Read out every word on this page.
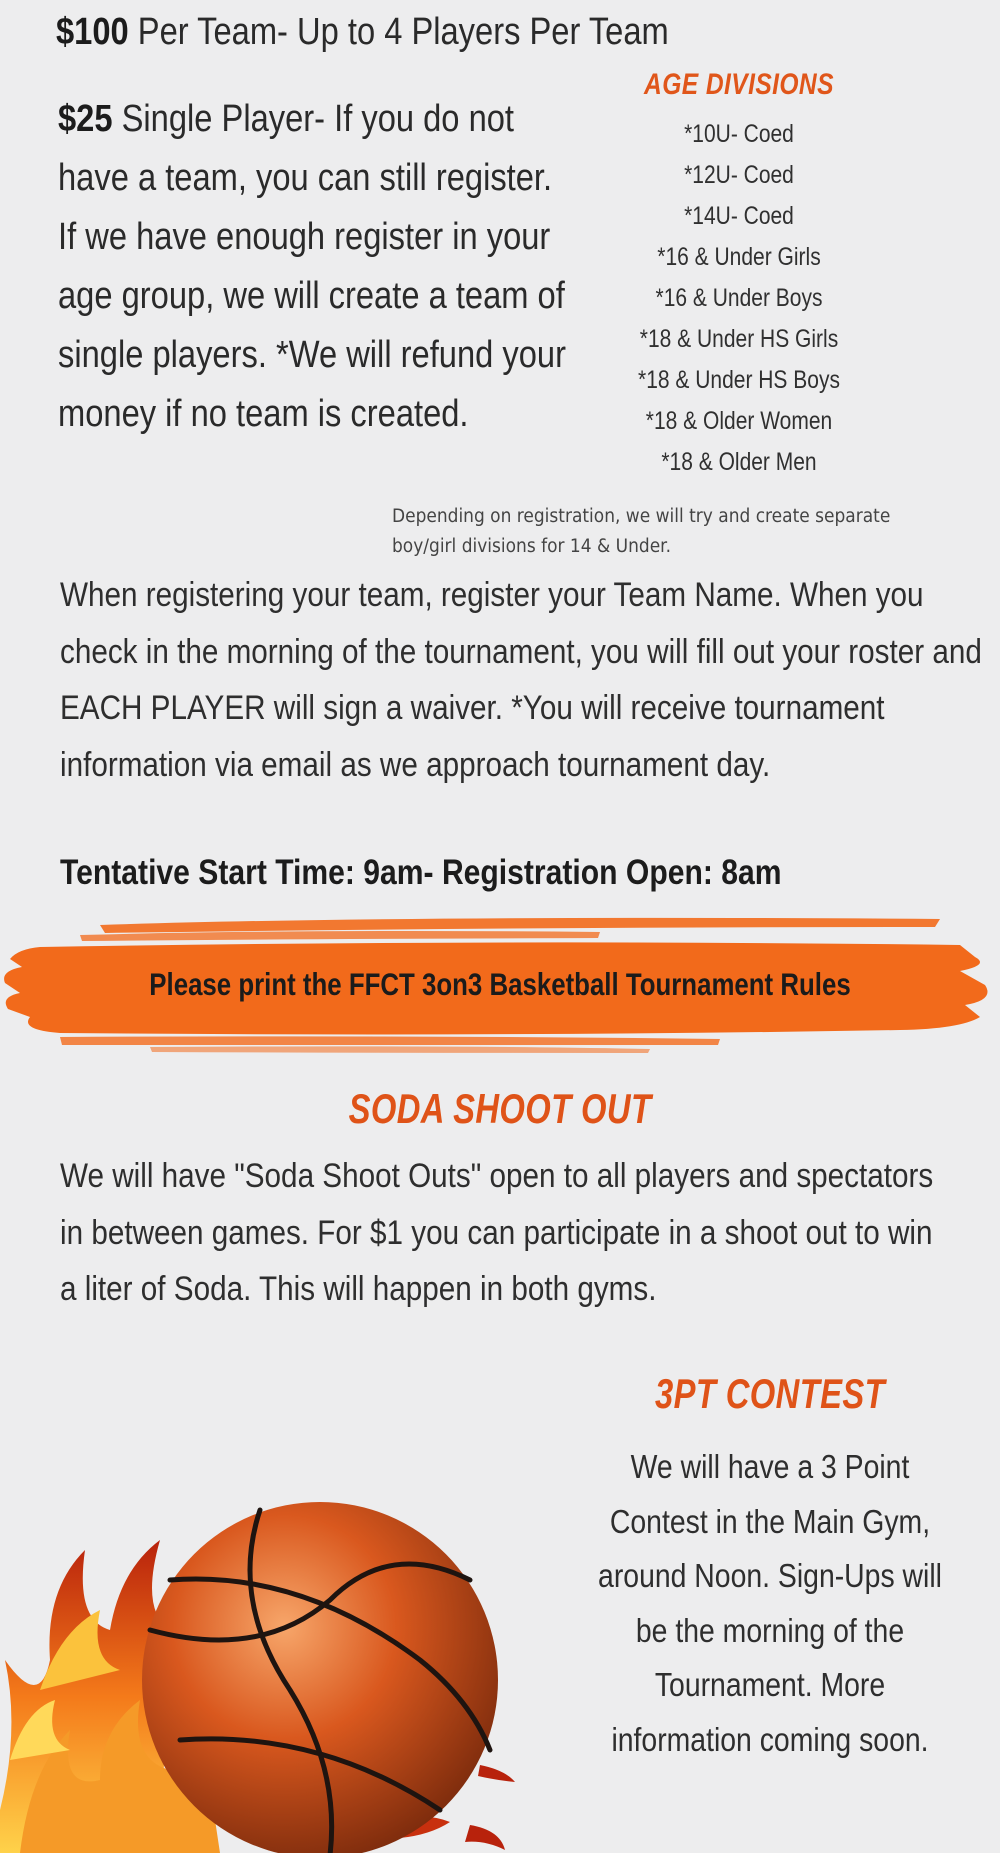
$100 Per Team- Up to 4 Players Per Team
$25 Single Player- If you do not have a team, you can still register. If we have enough register in your age group, we will create a team of single players. *We will refund your money if no team is created.
AGE DIVISIONS
*10U- Coed
*12U- Coed
*14U- Coed
*16 & Under Girls
*16 & Under Boys
*18 & Under HS Girls
*18 & Under HS Boys
*18 & Older Women
*18 & Older Men
Depending on registration, we will try and create separate boy/girl divisions for 14 & Under.
When registering your team, register your Team Name. When you check in the morning of the tournament, you will fill out your roster and EACH PLAYER will sign a waiver. *You will receive tournament information via email as we approach tournament day.
Tentative Start Time: 9am- Registration Open: 8am
Please print the FFCT 3on3 Basketball Tournament Rules
SODA SHOOT OUT
We will have "Soda Shoot Outs" open to all players and spectators in between games. For $1 you can participate in a shoot out to win a liter of Soda. This will happen in both gyms.
3PT CONTEST
We will have a 3 Point Contest in the Main Gym, around Noon. Sign-Ups will be the morning of the Tournament. More information coming soon.
